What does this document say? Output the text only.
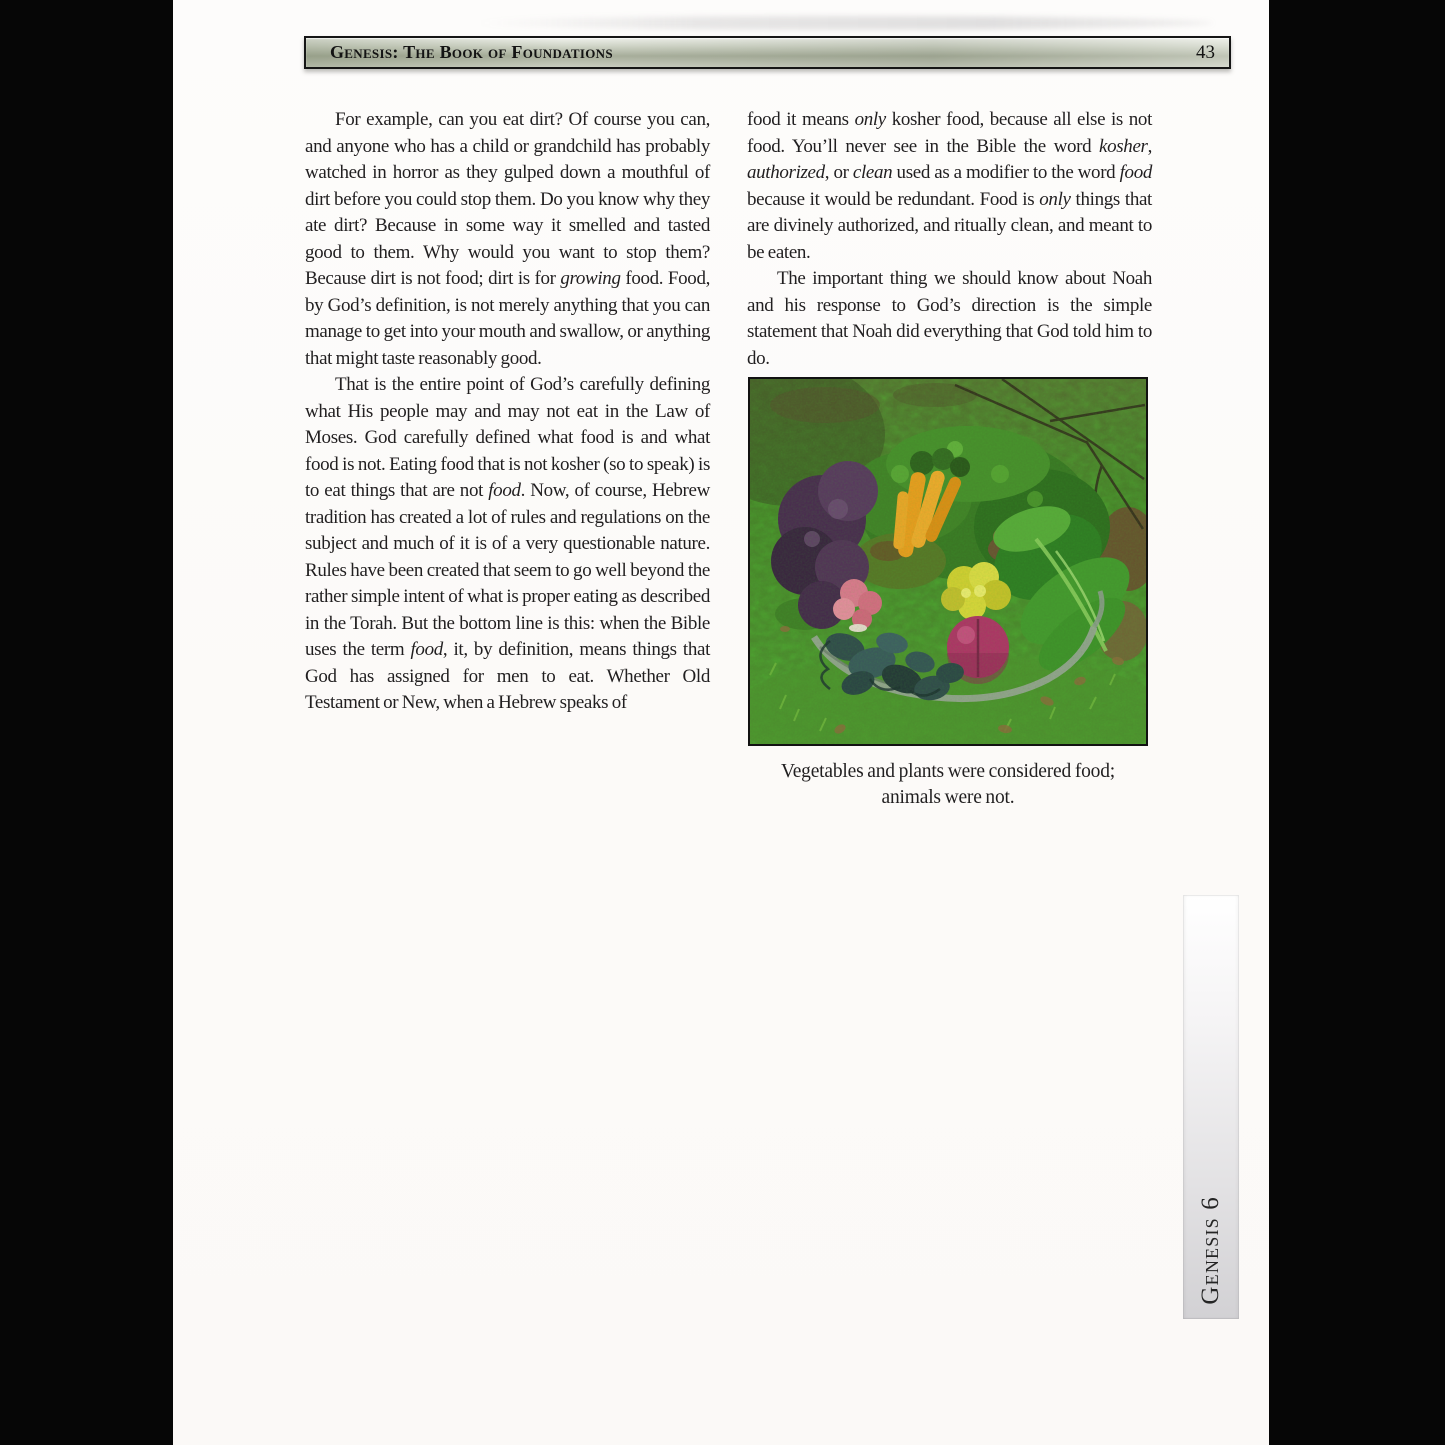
Genesis: The Book of Foundations	43

For example, can you eat dirt? Of course you can, and anyone who has a child or grandchild has probably watched in horror as they gulped down a mouthful of dirt before you could stop them. Do you know why they ate dirt? Because in some way it smelled and tasted good to them. Why would you want to stop them? Because dirt is not food; dirt is for growing food. Food, by God’s definition, is not merely anything that you can manage to get into your mouth and swallow, or anything that might taste reasonably good.

That is the entire point of God’s carefully defining what His people may and may not eat in the Law of Moses. God carefully defined what food is and what food is not. Eating food that is not kosher (so to speak) is to eat things that are not food. Now, of course, Hebrew tradition has created a lot of rules and regulations on the subject and much of it is of a very questionable nature. Rules have been created that seem to go well beyond the rather simple intent of what is proper eating as described in the Torah. But the bottom line is this: when the Bible uses the term food, it, by definition, means things that God has assigned for men to eat. Whether Old Testament or New, when a Hebrew speaks of

food it means only kosher food, because all else is not food. You’ll never see in the Bible the word kosher, authorized, or clean used as a modifier to the word food because it would be redundant. Food is only things that are divinely authorized, and ritually clean, and meant to be eaten.

The important thing we should know about Noah and his response to God’s direction is the simple statement that Noah did everything that God told him to do.

Vegetables and plants were considered food;
animals were not.
Genesis 6
